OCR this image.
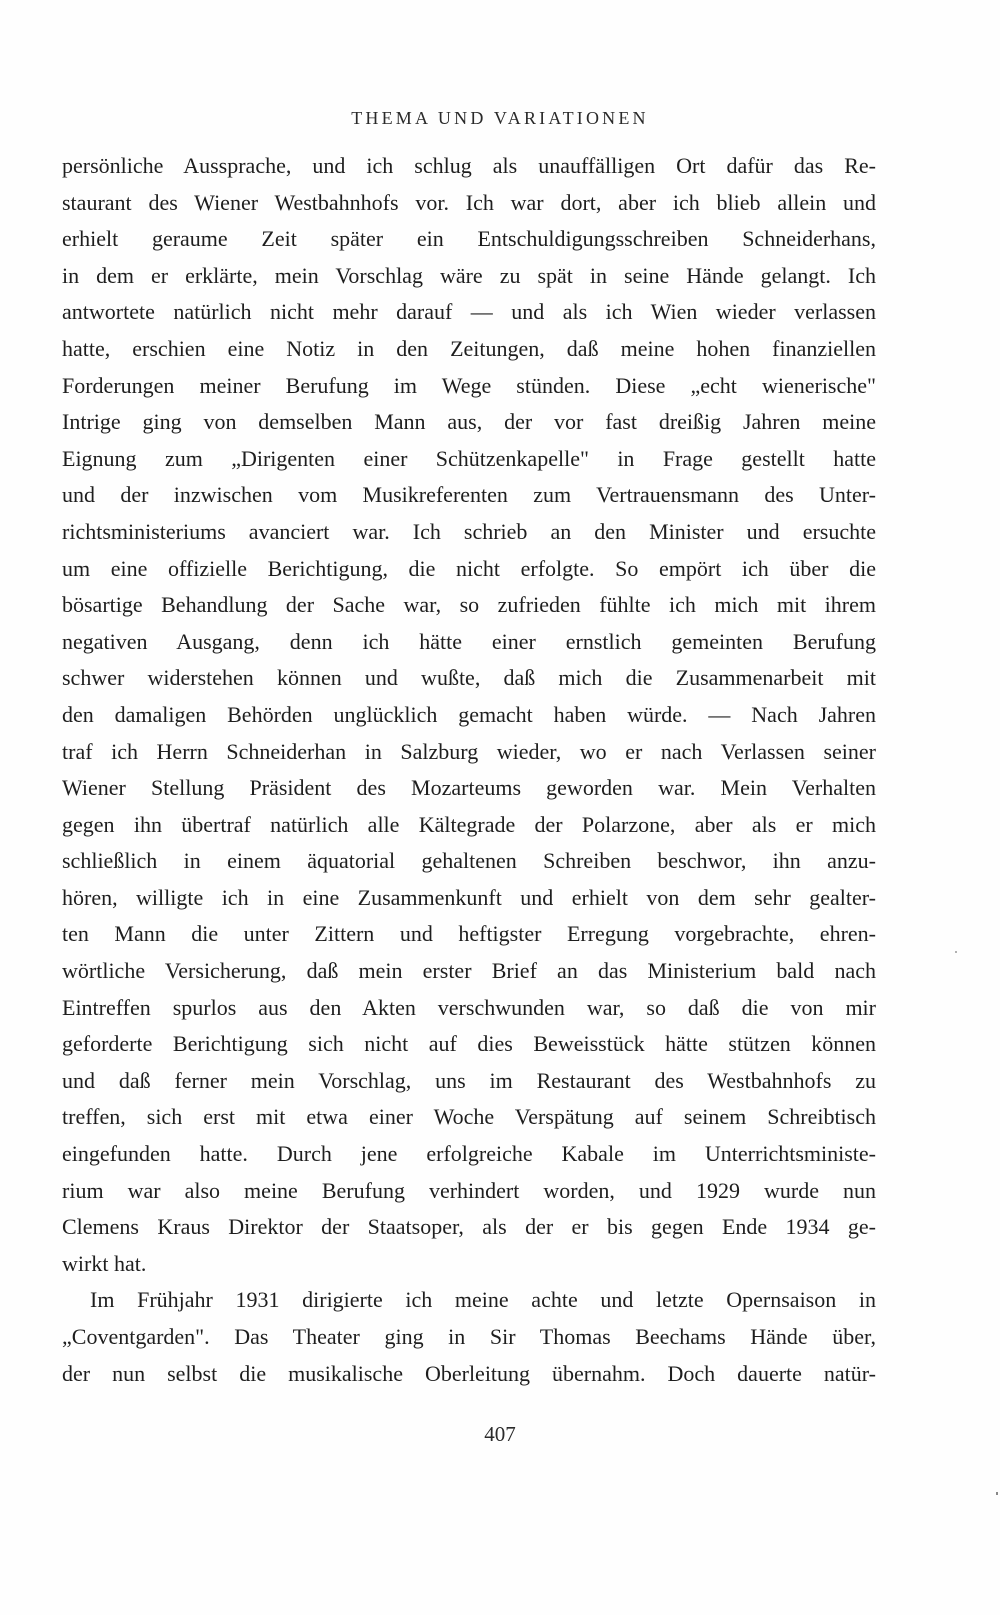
THEMA UND VARIATIONEN
persönliche Aussprache, und ich schlug als unauffälligen Ort dafür das Re-
staurant des Wiener Westbahnhofs vor. Ich war dort, aber ich blieb allein und
erhielt geraume Zeit später ein Entschuldigungsschreiben Schneiderhans,
in dem er erklärte, mein Vorschlag wäre zu spät in seine Hände gelangt. Ich
antwortete natürlich nicht mehr darauf — und als ich Wien wieder verlassen
hatte, erschien eine Notiz in den Zeitungen, daß meine hohen finanziellen
Forderungen meiner Berufung im Wege stünden. Diese „echt wienerische"
Intrige ging von demselben Mann aus, der vor fast dreißig Jahren meine
Eignung zum „Dirigenten einer Schützenkapelle" in Frage gestellt hatte
und der inzwischen vom Musikreferenten zum Vertrauensmann des Unter-
richtsministeriums avanciert war. Ich schrieb an den Minister und ersuchte
um eine offizielle Berichtigung, die nicht erfolgte. So empört ich über die
bösartige Behandlung der Sache war, so zufrieden fühlte ich mich mit ihrem
negativen Ausgang, denn ich hätte einer ernstlich gemeinten Berufung
schwer widerstehen können und wußte, daß mich die Zusammenarbeit mit
den damaligen Behörden unglücklich gemacht haben würde. — Nach Jahren
traf ich Herrn Schneiderhan in Salzburg wieder, wo er nach Verlassen seiner
Wiener Stellung Präsident des Mozarteums geworden war. Mein Verhalten
gegen ihn übertraf natürlich alle Kältegrade der Polarzone, aber als er mich
schließlich in einem äquatorial gehaltenen Schreiben beschwor, ihn anzu-
hören, willigte ich in eine Zusammenkunft und erhielt von dem sehr gealter-
ten Mann die unter Zittern und heftigster Erregung vorgebrachte, ehren-
wörtliche Versicherung, daß mein erster Brief an das Ministerium bald nach
Eintreffen spurlos aus den Akten verschwunden war, so daß die von mir
geforderte Berichtigung sich nicht auf dies Beweisstück hätte stützen können
und daß ferner mein Vorschlag, uns im Restaurant des Westbahnhofs zu
treffen, sich erst mit etwa einer Woche Verspätung auf seinem Schreibtisch
eingefunden hatte. Durch jene erfolgreiche Kabale im Unterrichtsministe-
rium war also meine Berufung verhindert worden, und 1929 wurde nun
Clemens Kraus Direktor der Staatsoper, als der er bis gegen Ende 1934 ge-
wirkt hat.
Im Frühjahr 1931 dirigierte ich meine achte und letzte Opernsaison in
„Coventgarden". Das Theater ging in Sir Thomas Beechams Hände über,
der nun selbst die musikalische Oberleitung übernahm. Doch dauerte natür-
407
